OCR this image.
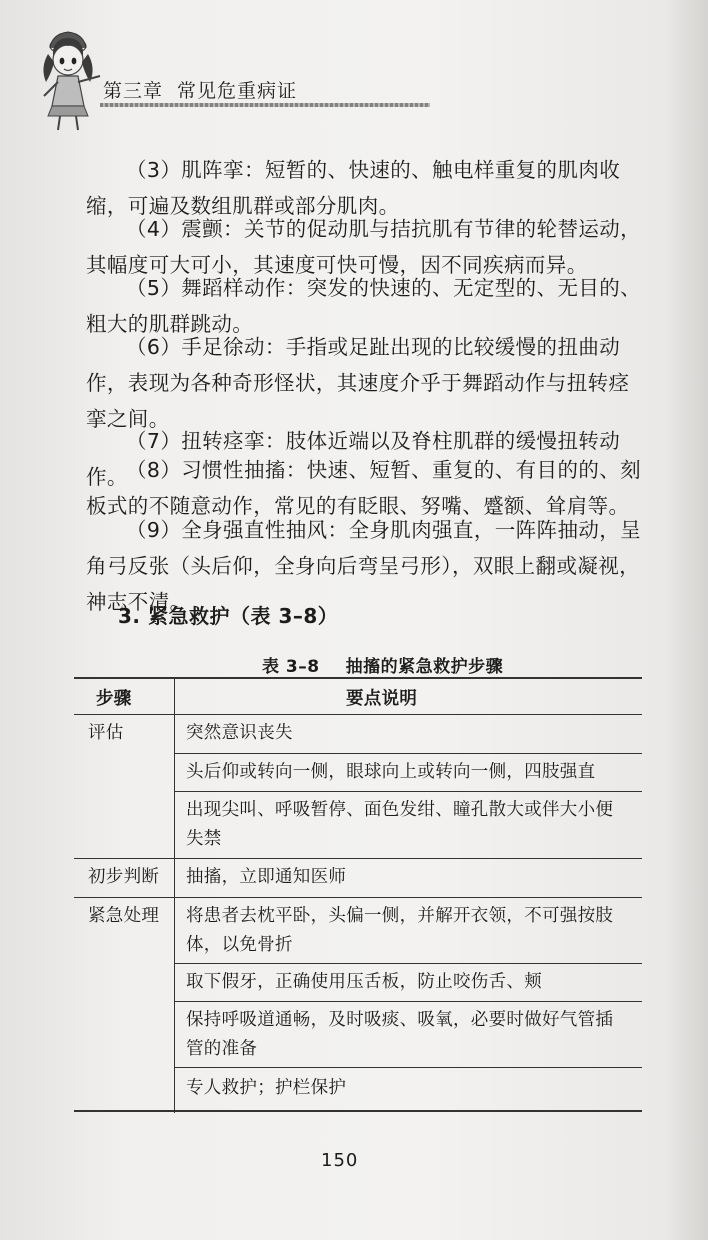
第三章 常见危重病证
（3）肌阵挛：短暂的、快速的、触电样重复的肌肉收缩，可遍及数组肌群或部分肌肉。
（4）震颤：关节的促动肌与拮抗肌有节律的轮替运动，其幅度可大可小，其速度可快可慢，因不同疾病而异。
（5）舞蹈样动作：突发的快速的、无定型的、无目的、粗大的肌群跳动。
（6）手足徐动：手指或足趾出现的比较缓慢的扭曲动作，表现为各种奇形怪状，其速度介乎于舞蹈动作与扭转痉挛之间。
（7）扭转痉挛：肢体近端以及脊柱肌群的缓慢扭转动作。
（8）习惯性抽搐：快速、短暂、重复的、有目的的、刻板式的不随意动作，常见的有眨眼、努嘴、蹙额、耸肩等。
（9）全身强直性抽风：全身肌肉强直，一阵阵抽动，呈角弓反张（头后仰，全身向后弯呈弓形），双眼上翻或凝视，神志不清。
3. 紧急救护（表 3–8）
表 3–8 抽搐的紧急救护步骤
步骤	要点说明
评估	突然意识丧失
头后仰或转向一侧，眼球向上或转向一侧，四肢强直
出现尖叫、呼吸暂停、面色发绀、瞳孔散大或伴大小便失禁
初步判断 抽搐，立即通知医师
紧急处理 将患者去枕平卧，头偏一侧，并解开衣领，不可强按肢体，以免骨折
取下假牙，正确使用压舌板，防止咬伤舌、颊
保持呼吸道通畅，及时吸痰、吸氧，必要时做好气管插管的准备
专人救护；护栏保护
150
